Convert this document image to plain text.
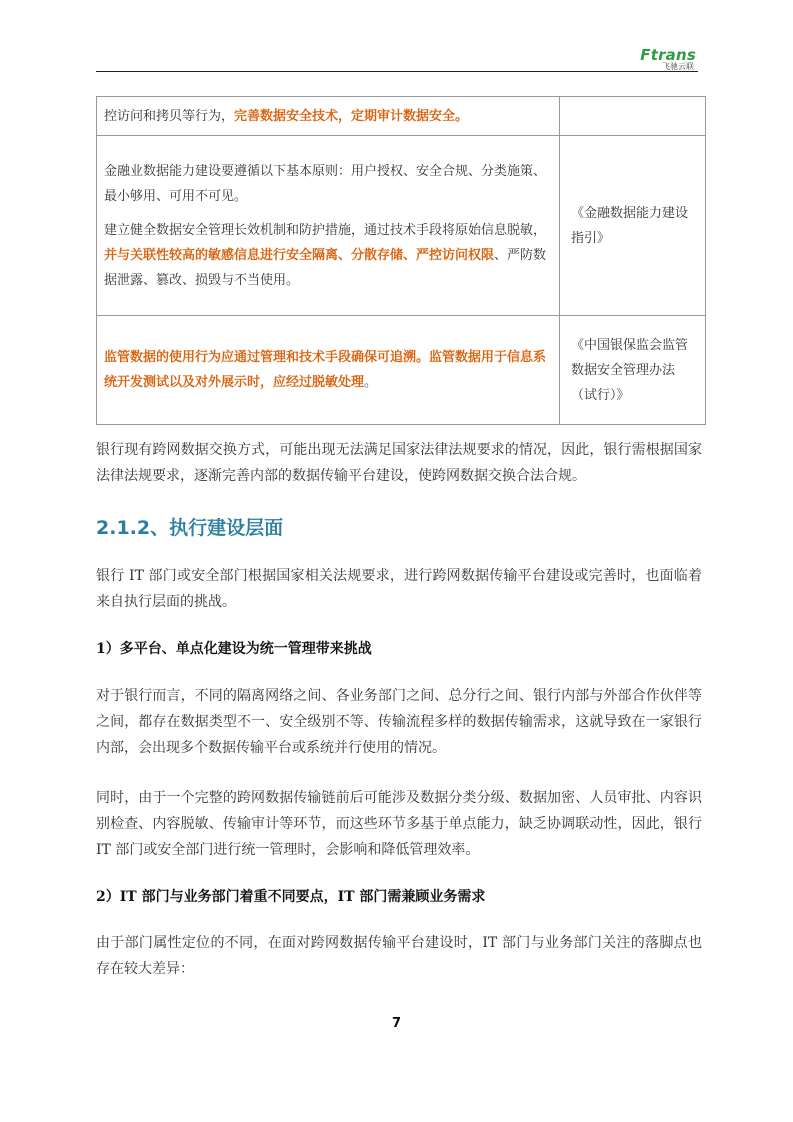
Ftrans
飞驰云联

控访问和拷贝等行为，完善数据安全技术，定期审计数据安全。	

金融业数据能力建设要遵循以下基本原则：用户授权、安全合规、分类施策、最小够用、可用不可见。

建立健全数据安全管理长效机制和防护措施，通过技术手段将原始信息脱敏，并与关联性较高的敏感信息进行安全隔离、分散存储、严控访问权限、严防数据泄露、篡改、损毁与不当使用。	《金融数据能力建设指引》

监管数据的使用行为应通过管理和技术手段确保可追溯。监管数据用于信息系统开发测试以及对外展示时，应经过脱敏处理。	《中国银保监会监管数据安全管理办法（试行）》

银行现有跨网数据交换方式，可能出现无法满足国家法律法规要求的情况，因此，银行需根据国家法律法规要求，逐渐完善内部的数据传输平台建设，使跨网数据交换合法合规。

2.1.2、执行建设层面

银行 IT 部门或安全部门根据国家相关法规要求，进行跨网数据传输平台建设或完善时，也面临着来自执行层面的挑战。

1）多平台、单点化建设为统一管理带来挑战

对于银行而言，不同的隔离网络之间、各业务部门之间、总分行之间、银行内部与外部合作伙伴等之间，都存在数据类型不一、安全级别不等、传输流程多样的数据传输需求，这就导致在一家银行内部，会出现多个数据传输平台或系统并行使用的情况。

同时，由于一个完整的跨网数据传输链前后可能涉及数据分类分级、数据加密、人员审批、内容识别检查、内容脱敏、传输审计等环节，而这些环节多基于单点能力，缺乏协调联动性，因此，银行 IT 部门或安全部门进行统一管理时，会影响和降低管理效率。

2）IT 部门与业务部门着重不同要点，IT 部门需兼顾业务需求

由于部门属性定位的不同，在面对跨网数据传输平台建设时，IT 部门与业务部门关注的落脚点也存在较大差异：

7
